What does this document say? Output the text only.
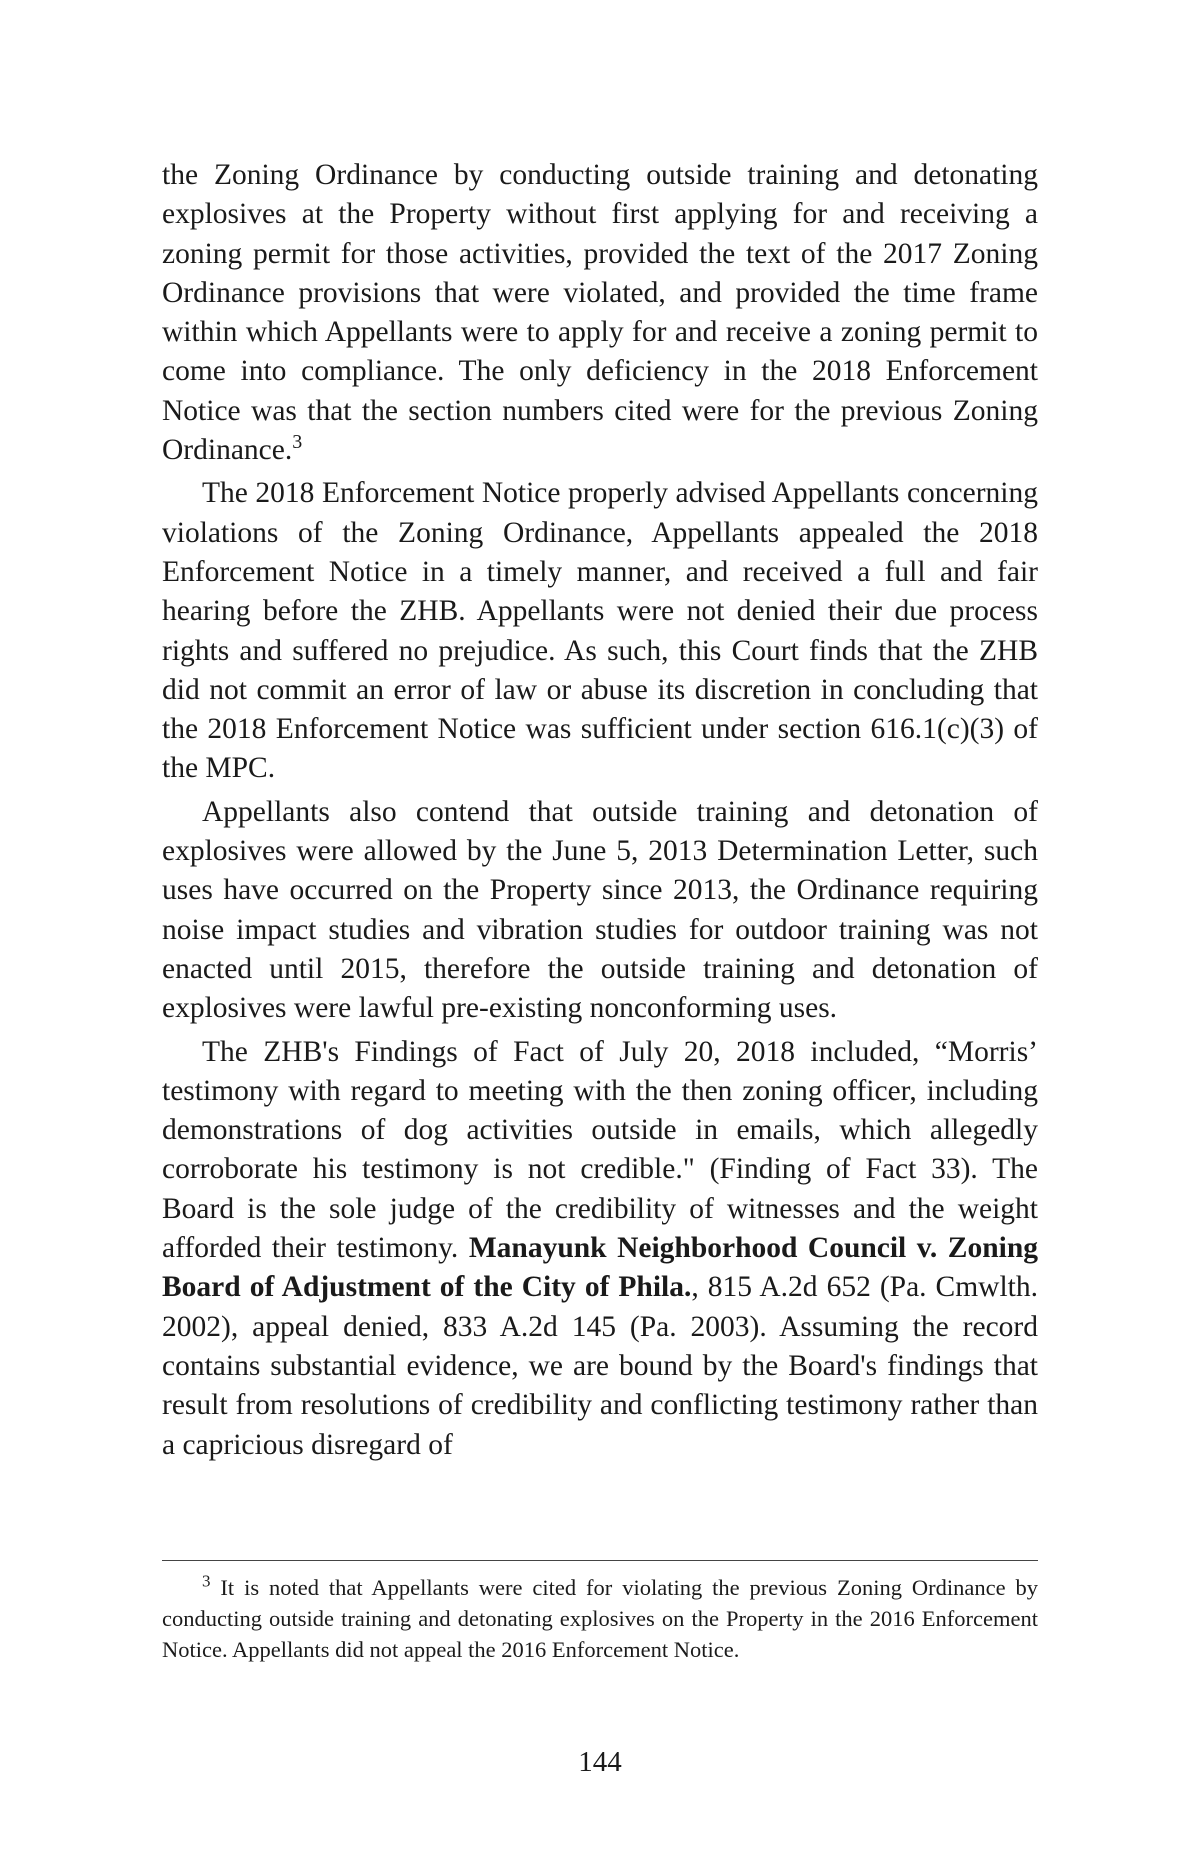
the Zoning Ordinance by conducting outside training and detonating explosives at the Property without first applying for and receiving a zoning permit for those activities, provided the text of the 2017 Zoning Ordinance provisions that were violated, and provided the time frame within which Appellants were to apply for and receive a zoning permit to come into compliance. The only deficiency in the 2018 Enforcement Notice was that the section numbers cited were for the previous Zoning Ordinance.$^3$

The 2018 Enforcement Notice properly advised Appellants concerning violations of the Zoning Ordinance, Appellants appealed the 2018 Enforcement Notice in a timely manner, and received a full and fair hearing before the ZHB. Appellants were not denied their due process rights and suffered no prejudice. As such, this Court finds that the ZHB did not commit an error of law or abuse its discretion in concluding that the 2018 Enforcement Notice was sufficient under section 616.1(c)(3) of the MPC.

Appellants also contend that outside training and detonation of explosives were allowed by the June 5, 2013 Determination Letter, such uses have occurred on the Property since 2013, the Ordinance requiring noise impact studies and vibration studies for outdoor training was not enacted until 2015, therefore the outside training and detonation of explosives were lawful pre-existing nonconforming uses.

The ZHB's Findings of Fact of July 20, 2018 included, “Morris’ testimony with regard to meeting with the then zoning officer, including demonstrations of dog activities outside in emails, which allegedly corroborate his testimony is not credible." (Finding of Fact 33). The Board is the sole judge of the credibility of witnesses and the weight afforded their testimony. Manayunk Neighborhood Council v. Zoning Board of Adjustment of the City of Phila., 815 A.2d 652 (Pa. Cmwlth. 2002), appeal denied, 833 A.2d 145 (Pa. 2003). Assuming the record contains substantial evidence, we are bound by the Board's findings that result from resolutions of credibility and conflicting testimony rather than a capricious disregard of

$^3$ It is noted that Appellants were cited for violating the previous Zoning Ordinance by conducting outside training and detonating explosives on the Property in the 2016 Enforcement Notice. Appellants did not appeal the 2016 Enforcement Notice.

144
